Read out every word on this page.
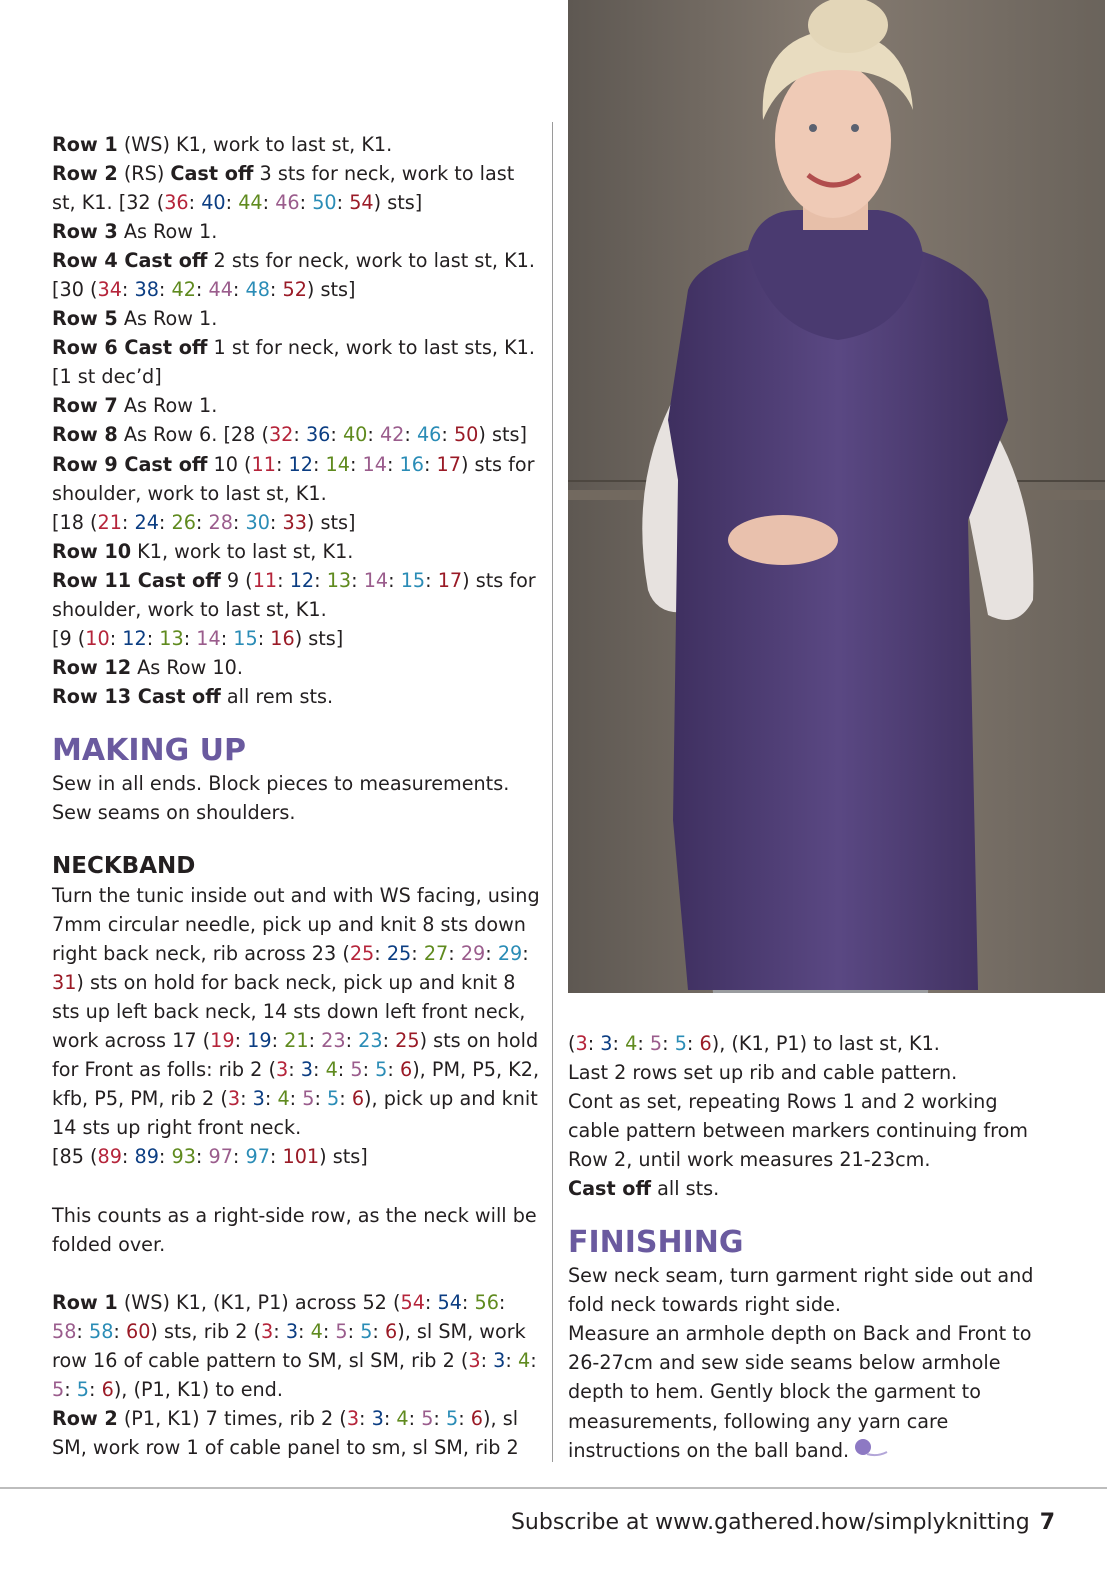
Row 1 (WS) K1, work to last st, K1.

Row 2 (RS) Cast off 3 sts for neck, work to last st, K1. [32 (36: 40: 44: 46: 50: 54) sts]

Row 3 As Row 1.

Row 4 Cast off 2 sts for neck, work to last st, K1. [30 (34: 38: 42: 44: 48: 52) sts]

Row 5 As Row 1.

Row 6 Cast off 1 st for neck, work to last sts, K1. [1 st dec’d]

Row 7 As Row 1.

Row 8 As Row 6. [28 (32: 36: 40: 42: 46: 50) sts]

Row 9 Cast off 10 (11: 12: 14: 14: 16: 17) sts for shoulder, work to last st, K1.

[18 (21: 24: 26: 28: 30: 33) sts]

Row 10 K1, work to last st, K1.

Row 11 Cast off 9 (11: 12: 13: 14: 15: 17) sts for shoulder, work to last st, K1.

[9 (10: 12: 13: 14: 15: 16) sts]

Row 12 As Row 10.

Row 13 Cast off all rem sts.

MAKING UP

Sew in all ends. Block pieces to measurements. Sew seams on shoulders.

NECKBAND

Turn the tunic inside out and with WS facing, using 7mm circular needle, pick up and knit 8 sts down right back neck, rib across 23 (25: 25: 27: 29: 29: 31) sts on hold for back neck, pick up and knit 8 sts up left back neck, 14 sts down left front neck, work across 17 (19: 19: 21: 23: 23: 25) sts on hold for Front as folls: rib 2 (3: 3: 4: 5: 5: 6), PM, P5, K2, kfb, P5, PM, rib 2 (3: 3: 4: 5: 5: 6), pick up and knit 14 sts up right front neck.
[85 (89: 89: 93: 97: 97: 101) sts]

This counts as a right-side row, as the neck will be folded over.

Row 1 (WS) K1, (K1, P1) across 52 (54: 54: 56: 58: 58: 60) sts, rib 2 (3: 3: 4: 5: 5: 6), sl SM, work row 16 of cable pattern to SM, sl SM, rib 2 (3: 3: 4: 5: 5: 6), (P1, K1) to end.

Row 2 (P1, K1) 7 times, rib 2 (3: 3: 4: 5: 5: 6), sl SM, work row 1 of cable panel to sm, sl SM, rib 2

(3: 3: 4: 5: 5: 6), (K1, P1) to last st, K1.

Last 2 rows set up rib and cable pattern.

Cont as set, repeating Rows 1 and 2 working cable pattern between markers continuing from Row 2, until work measures 21-23cm.

Cast off all sts.

FINISHING

Sew neck seam, turn garment right side out and fold neck towards right side.

Measure an armhole depth on Back and Front to 26-27cm and sew side seams below armhole depth to hem. Gently block the garment to measurements, following any yarn care instructions on the ball band.

Subscribe at www.gathered.how/simplyknitting 7
